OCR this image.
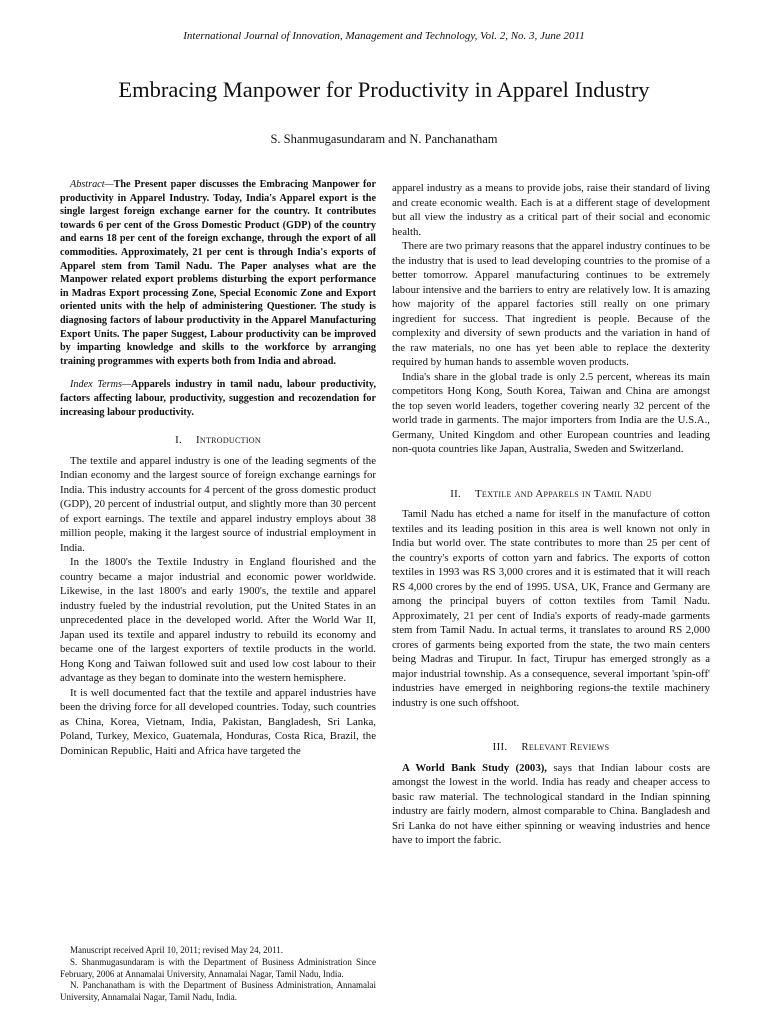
International Journal of Innovation, Management and Technology, Vol. 2, No. 3, June 2011
Embracing Manpower for Productivity in Apparel Industry
S. Shanmugasundaram and N. Panchanatham
Abstract—The Present paper discusses the Embracing Manpower for productivity in Apparel Industry. Today, India's Apparel export is the single largest foreign exchange earner for the country. It contributes towards 6 per cent of the Gross Domestic Product (GDP) of the country and earns 18 per cent of the foreign exchange, through the export of all commodities. Approximately, 21 per cent is through India's exports of Apparel stem from Tamil Nadu. The Paper analyses what are the Manpower related export problems disturbing the export performance in Madras Export processing Zone, Special Economic Zone and Export oriented units with the help of administering Questioner. The study is diagnosing factors of labour productivity in the Apparel Manufacturing Export Units. The paper Suggest, Labour productivity can be improved by imparting knowledge and skills to the workforce by arranging training programmes with experts both from India and abroad.
Index Terms—Apparels industry in tamil nadu, labour productivity, factors affecting labour, productivity, suggestion and recozendation for increasing labour productivity.
I. Introduction

The textile and apparel industry is one of the leading segments of the Indian economy and the largest source of foreign exchange earnings for India. This industry accounts for 4 percent of the gross domestic product (GDP), 20 percent of industrial output, and slightly more than 30 percent of export earnings. The textile and apparel industry employs about 38 million people, making it the largest source of industrial employment in India.

In the 1800's the Textile Industry in England flourished and the country became a major industrial and economic power worldwide. Likewise, in the last 1800's and early 1900's, the textile and apparel industry fueled by the industrial revolution, put the United States in an unprecedented place in the developed world. After the World War II, Japan used its textile and apparel industry to rebuild its economy and became one of the largest exporters of textile products in the world. Hong Kong and Taiwan followed suit and used low cost labour to their advantage as they began to dominate into the western hemisphere.

It is well documented fact that the textile and apparel industries have been the driving force for all developed countries. Today, such countries as China, Korea, Vietnam, India, Pakistan, Bangladesh, Sri Lanka, Poland, Turkey, Mexico, Guatemala, Honduras, Costa Rica, Brazil, the Dominican Republic, Haiti and Africa have targeted the

apparel industry as a means to provide jobs, raise their standard of living and create economic wealth. Each is at a different stage of development but all view the industry as a critical part of their social and economic health.

There are two primary reasons that the apparel industry continues to be the industry that is used to lead developing countries to the promise of a better tomorrow. Apparel manufacturing continues to be extremely labour intensive and the barriers to entry are relatively low. It is amazing how majority of the apparel factories still really on one primary ingredient for success. That ingredient is people. Because of the complexity and diversity of sewn products and the variation in hand of the raw materials, no one has yet been able to replace the dexterity required by human hands to assemble woven products.

India's share in the global trade is only 2.5 percent, whereas its main competitors Hong Kong, South Korea, Taiwan and China are amongst the top seven world leaders, together covering nearly 32 percent of the world trade in garments. The major importers from India are the U.S.A., Germany, United Kingdom and other European countries and leading non-quota countries like Japan, Australia, Sweden and Switzerland.

II. Textile and Apparels in Tamil Nadu

Tamil Nadu has etched a name for itself in the manufacture of cotton textiles and its leading position in this area is well known not only in India but world over. The state contributes to more than 25 per cent of the country's exports of cotton yarn and fabrics. The exports of cotton textiles in 1993 was RS 3,000 crores and it is estimated that it will reach RS 4,000 crores by the end of 1995. USA, UK, France and Germany are among the principal buyers of cotton textiles from Tamil Nadu. Approximately, 21 per cent of India's exports of ready-made garments stem from Tamil Nadu. In actual terms, it translates to around RS 2,000 crores of garments being exported from the state, the two main centers being Madras and Tirupur. In fact, Tirupur has emerged strongly as a major industrial township. As a consequence, several important 'spin-off' industries have emerged in neighboring regions-the textile machinery industry is one such offshoot.

III. Relevant Reviews

A World Bank Study (2003), says that Indian labour costs are amongst the lowest in the world. India has ready and cheaper access to basic raw material. The technological standard in the Indian spinning industry are fairly modern, almost comparable to China. Bangladesh and Sri Lanka do not have either spinning or weaving industries and hence have to import the fabric.

Manuscript received April 10, 2011; revised May 24, 2011.

S. Shanmugasundaram is with the Department of Business Administration Since February, 2006 at Annamalai University, Annamalai Nagar, Tamil Nadu, India.

N. Panchanatham is with the Department of Business Administration, Annamalai University, Annamalai Nagar, Tamil Nadu, India.
